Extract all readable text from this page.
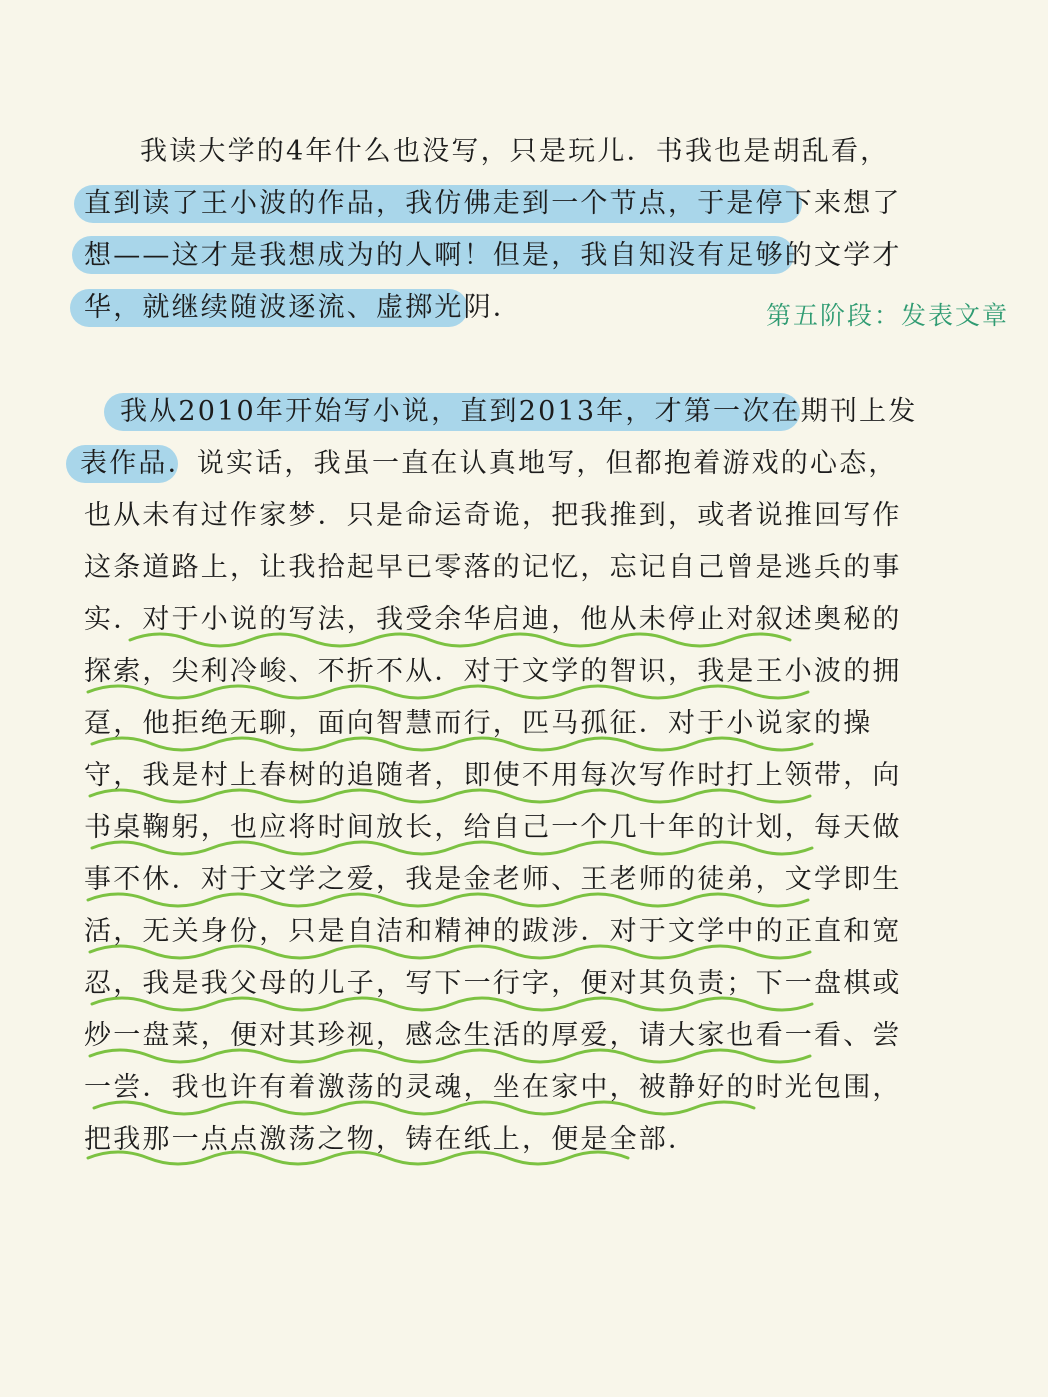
我读大学的4年什么也没写，只是玩儿．书我也是胡乱看，
直到读了王小波的作品，我仿佛走到一个节点，于是停下来想了
想——这才是我想成为的人啊！但是，我自知没有足够的文学才
华，就继续随波逐流、虚掷光阴．	第五阶段：发表文章
我从2010年开始写小说，直到2013年，才第一次在期刊上发
表作品．说实话，我虽一直在认真地写，但都抱着游戏的心态，
也从未有过作家梦．只是命运奇诡，把我推到，或者说推回写作
这条道路上，让我拾起早已零落的记忆，忘记自己曾是逃兵的事
实．对于小说的写法，我受余华启迪，他从未停止对叙述奥秘的
探索，尖利冷峻、不折不从．对于文学的智识，我是王小波的拥
趸，他拒绝无聊，面向智慧而行，匹马孤征．对于小说家的操
守，我是村上春树的追随者，即使不用每次写作时打上领带，向
书桌鞠躬，也应将时间放长，给自己一个几十年的计划，每天做
事不休．对于文学之爱，我是金老师、王老师的徒弟，文学即生
活，无关身份，只是自洁和精神的跋涉．对于文学中的正直和宽
忍，我是我父母的儿子，写下一行字，便对其负责；下一盘棋或
炒一盘菜，便对其珍视，感念生活的厚爱，请大家也看一看、尝
一尝．我也许有着激荡的灵魂，坐在家中，被静好的时光包围，
把我那一点点激荡之物，铸在纸上，便是全部．
